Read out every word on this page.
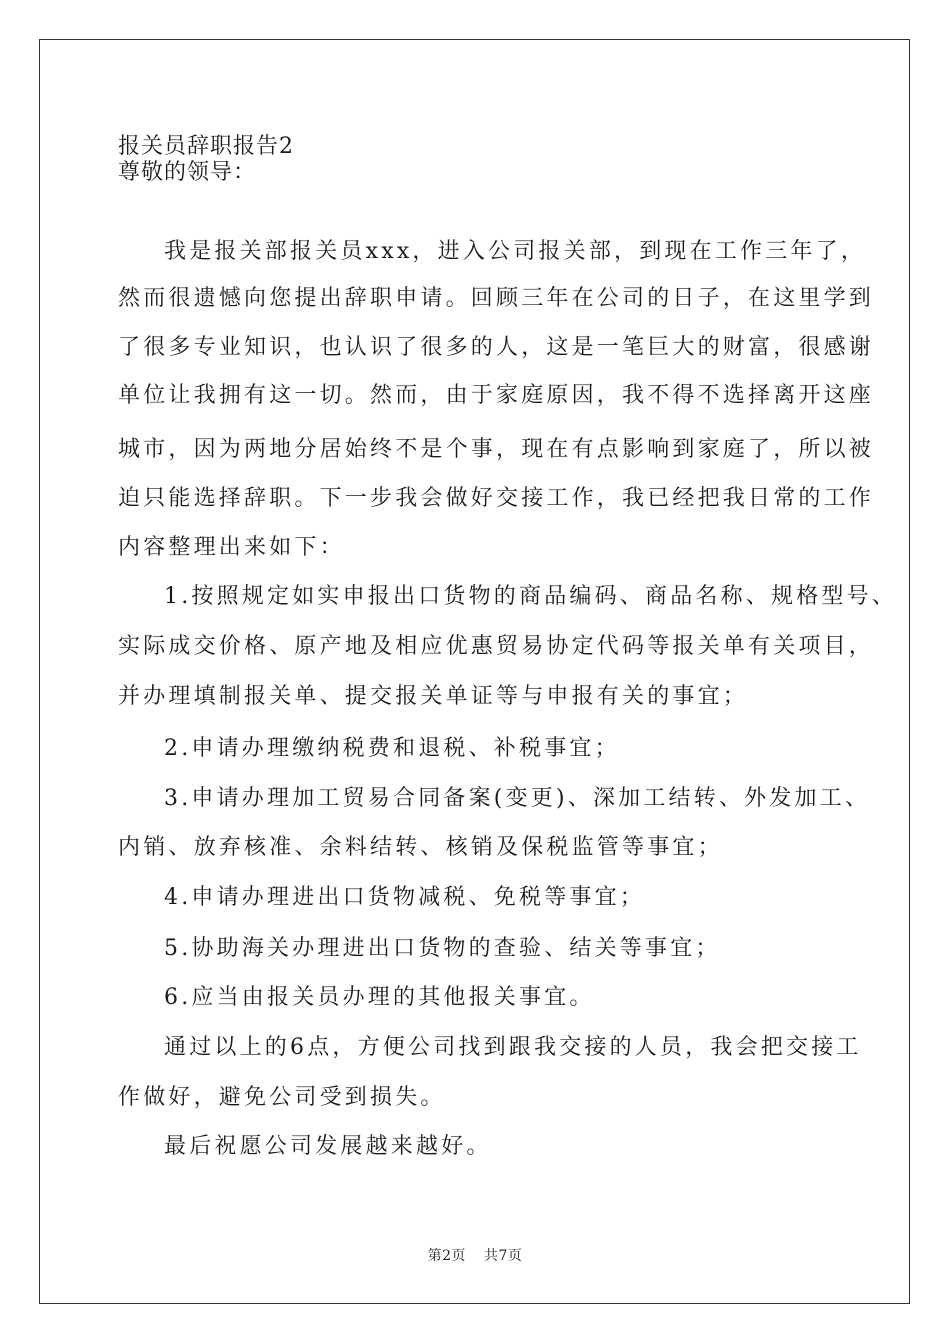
报关员辞职报告2
尊敬的领导：
我是报关部报关员xxx，进入公司报关部，到现在工作三年了，
然而很遗憾向您提出辞职申请。回顾三年在公司的日子，在这里学到
了很多专业知识，也认识了很多的人，这是一笔巨大的财富，很感谢
单位让我拥有这一切。然而，由于家庭原因，我不得不选择离开这座
城市，因为两地分居始终不是个事，现在有点影响到家庭了，所以被
迫只能选择辞职。下一步我会做好交接工作，我已经把我日常的工作
内容整理出来如下：
1.按照规定如实申报出口货物的商品编码、商品名称、规格型号、
实际成交价格、原产地及相应优惠贸易协定代码等报关单有关项目，
并办理填制报关单、提交报关单证等与申报有关的事宜；
2.申请办理缴纳税费和退税、补税事宜；
3.申请办理加工贸易合同备案(变更)、深加工结转、外发加工、
内销、放弃核准、余料结转、核销及保税监管等事宜；
4.申请办理进出口货物减税、免税等事宜；
5.协助海关办理进出口货物的查验、结关等事宜；
6.应当由报关员办理的其他报关事宜。
通过以上的6点，方便公司找到跟我交接的人员，我会把交接工
作做好，避免公司受到损失。
最后祝愿公司发展越来越好。
第2页 共7页
